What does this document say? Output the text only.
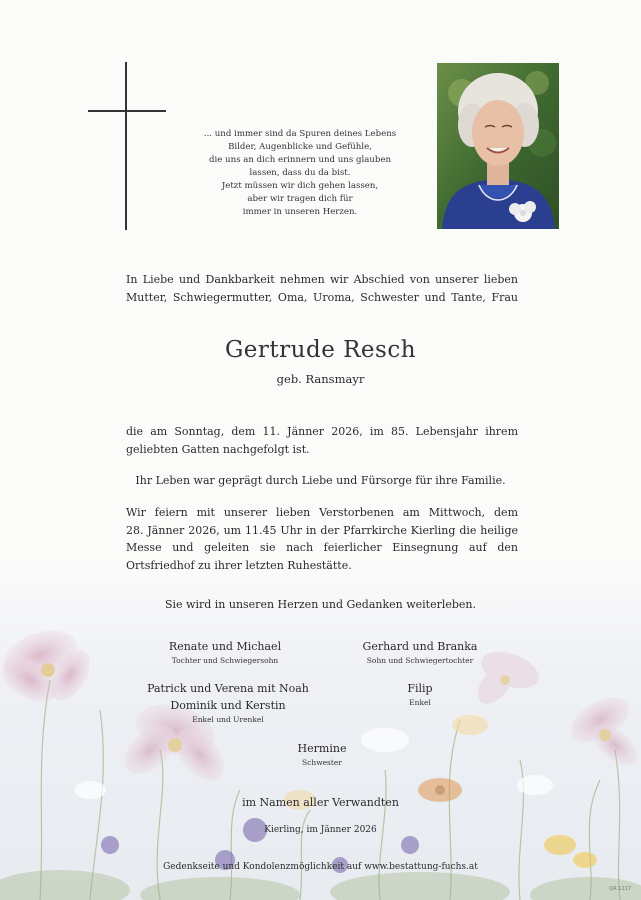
... und immer sind da Spuren deines Lebens
Bilder, Augenblicke und Gefühle,
die uns an dich erinnern und uns glauben
lassen, dass du da bist.
Jetzt müssen wir dich gehen lassen,
aber wir tragen dich für
immer in unseren Herzen.
In Liebe und Dankbarkeit nehmen wir Abschied von unserer lieben
Mutter, Schwiegermutter, Oma, Uroma, Schwester und Tante, Frau
Gertrude Resch
geb. Ransmayr
die am Sonntag, dem 11. Jänner 2026, im 85. Lebensjahr ihrem
geliebten Gatten nachgefolgt ist.
Ihr Leben war geprägt durch Liebe und Fürsorge für ihre Familie.
Wir feiern mit unserer lieben Verstorbenen am Mittwoch, dem
28. Jänner 2026, um 11.45 Uhr in der Pfarrkirche Kierling die heilige
Messe und geleiten sie nach feierlicher Einsegnung auf den
Ortsfriedhof zu ihrer letzten Ruhestätte.
Sie wird in unseren Herzen und Gedanken weiterleben.
Renate und Michael
Tochter und Schwiegersohn
Gerhard und Branka
Sohn und Schwiegertochter
Patrick und Verena mit Noah
Dominik und Kerstin
Enkel und Urenkel
Filip
Enkel
Hermine
Schwester
im Namen aller Verwandten
Kierling, im Jänner 2026
Gedenkseite und Kondolenzmöglichkeit auf www.bestattung-fuchs.at
QR 1217
